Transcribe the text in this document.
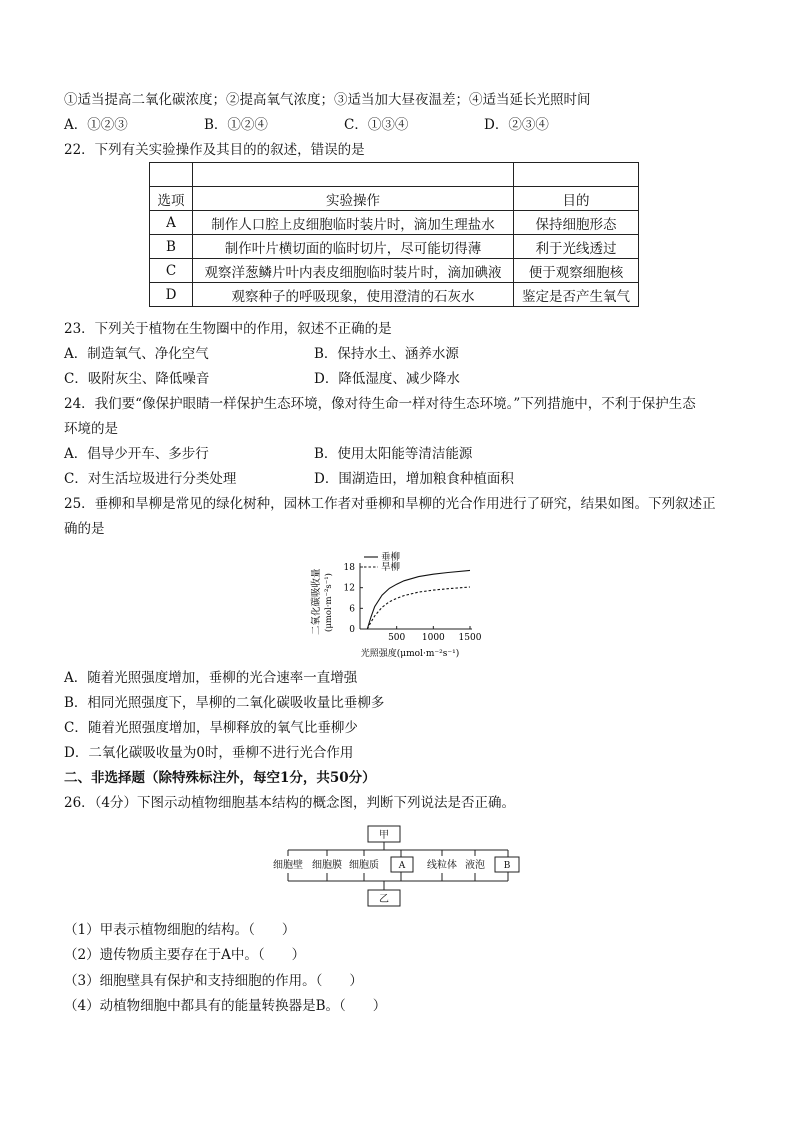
①适当提高二氧化碳浓度；②提高氧气浓度；③适当加大昼夜温差；④适当延长光照时间
A．①②③	B．①②④	C．①③④	D．②③④
22．下列有关实验操作及其目的的叙述，错误的是

选项	实验操作	目的
A	制作人口腔上皮细胞临时装片时，滴加生理盐水	保持细胞形态
B	制作叶片横切面的临时切片，尽可能切得薄	利于光线透过
C	观察洋葱鳞片叶内表皮细胞临时装片时，滴加碘液	便于观察细胞核
D	观察种子的呼吸现象，使用澄清的石灰水	鉴定是否产生氧气
23．下列关于植物在生物圈中的作用，叙述不正确的是
A．制造氧气、净化空气	B．保持水土、涵养水源
C．吸附灰尘、降低噪音	D．降低湿度、减少降水
24．我们要“像保护眼睛一样保护生态环境，像对待生命一样对待生态环境。”下列措施中，不利于保护生态
环境的是
A．倡导少开车、多步行	B．使用太阳能等清洁能源
C．对生活垃圾进行分类处理	D．围湖造田，增加粮食种植面积
25．垂柳和旱柳是常见的绿化树种，园林工作者对垂柳和旱柳的光合作用进行了研究，结果如图。下列叙述正
确的是
二氧化碳吸收量 (μmol·m⁻²s⁻¹)
500 1000 1500
0
6
12
18
垂柳
旱柳
光照强度(μmol·m⁻²s⁻¹)
A．随着光照强度增加，垂柳的光合速率一直增强
B．相同光照强度下，旱柳的二氧化碳吸收量比垂柳多
C．随着光照强度增加，旱柳释放的氧气比垂柳少
D．二氧化碳吸收量为0时，垂柳不进行光合作用
二、非选择题（除特殊标注外，每空1分，共50分）
26．（4分）下图示动植物细胞基本结构的概念图，判断下列说法是否正确。
甲
细胞壁 细胞膜 细胞质 A 线粒体 液泡 B
乙
（1）甲表示植物细胞的结构。（　　）
（2）遗传物质主要存在于A中。（　　）
（3）细胞壁具有保护和支持细胞的作用。（　　）
（4）动植物细胞中都具有的能量转换器是B。（　　）
